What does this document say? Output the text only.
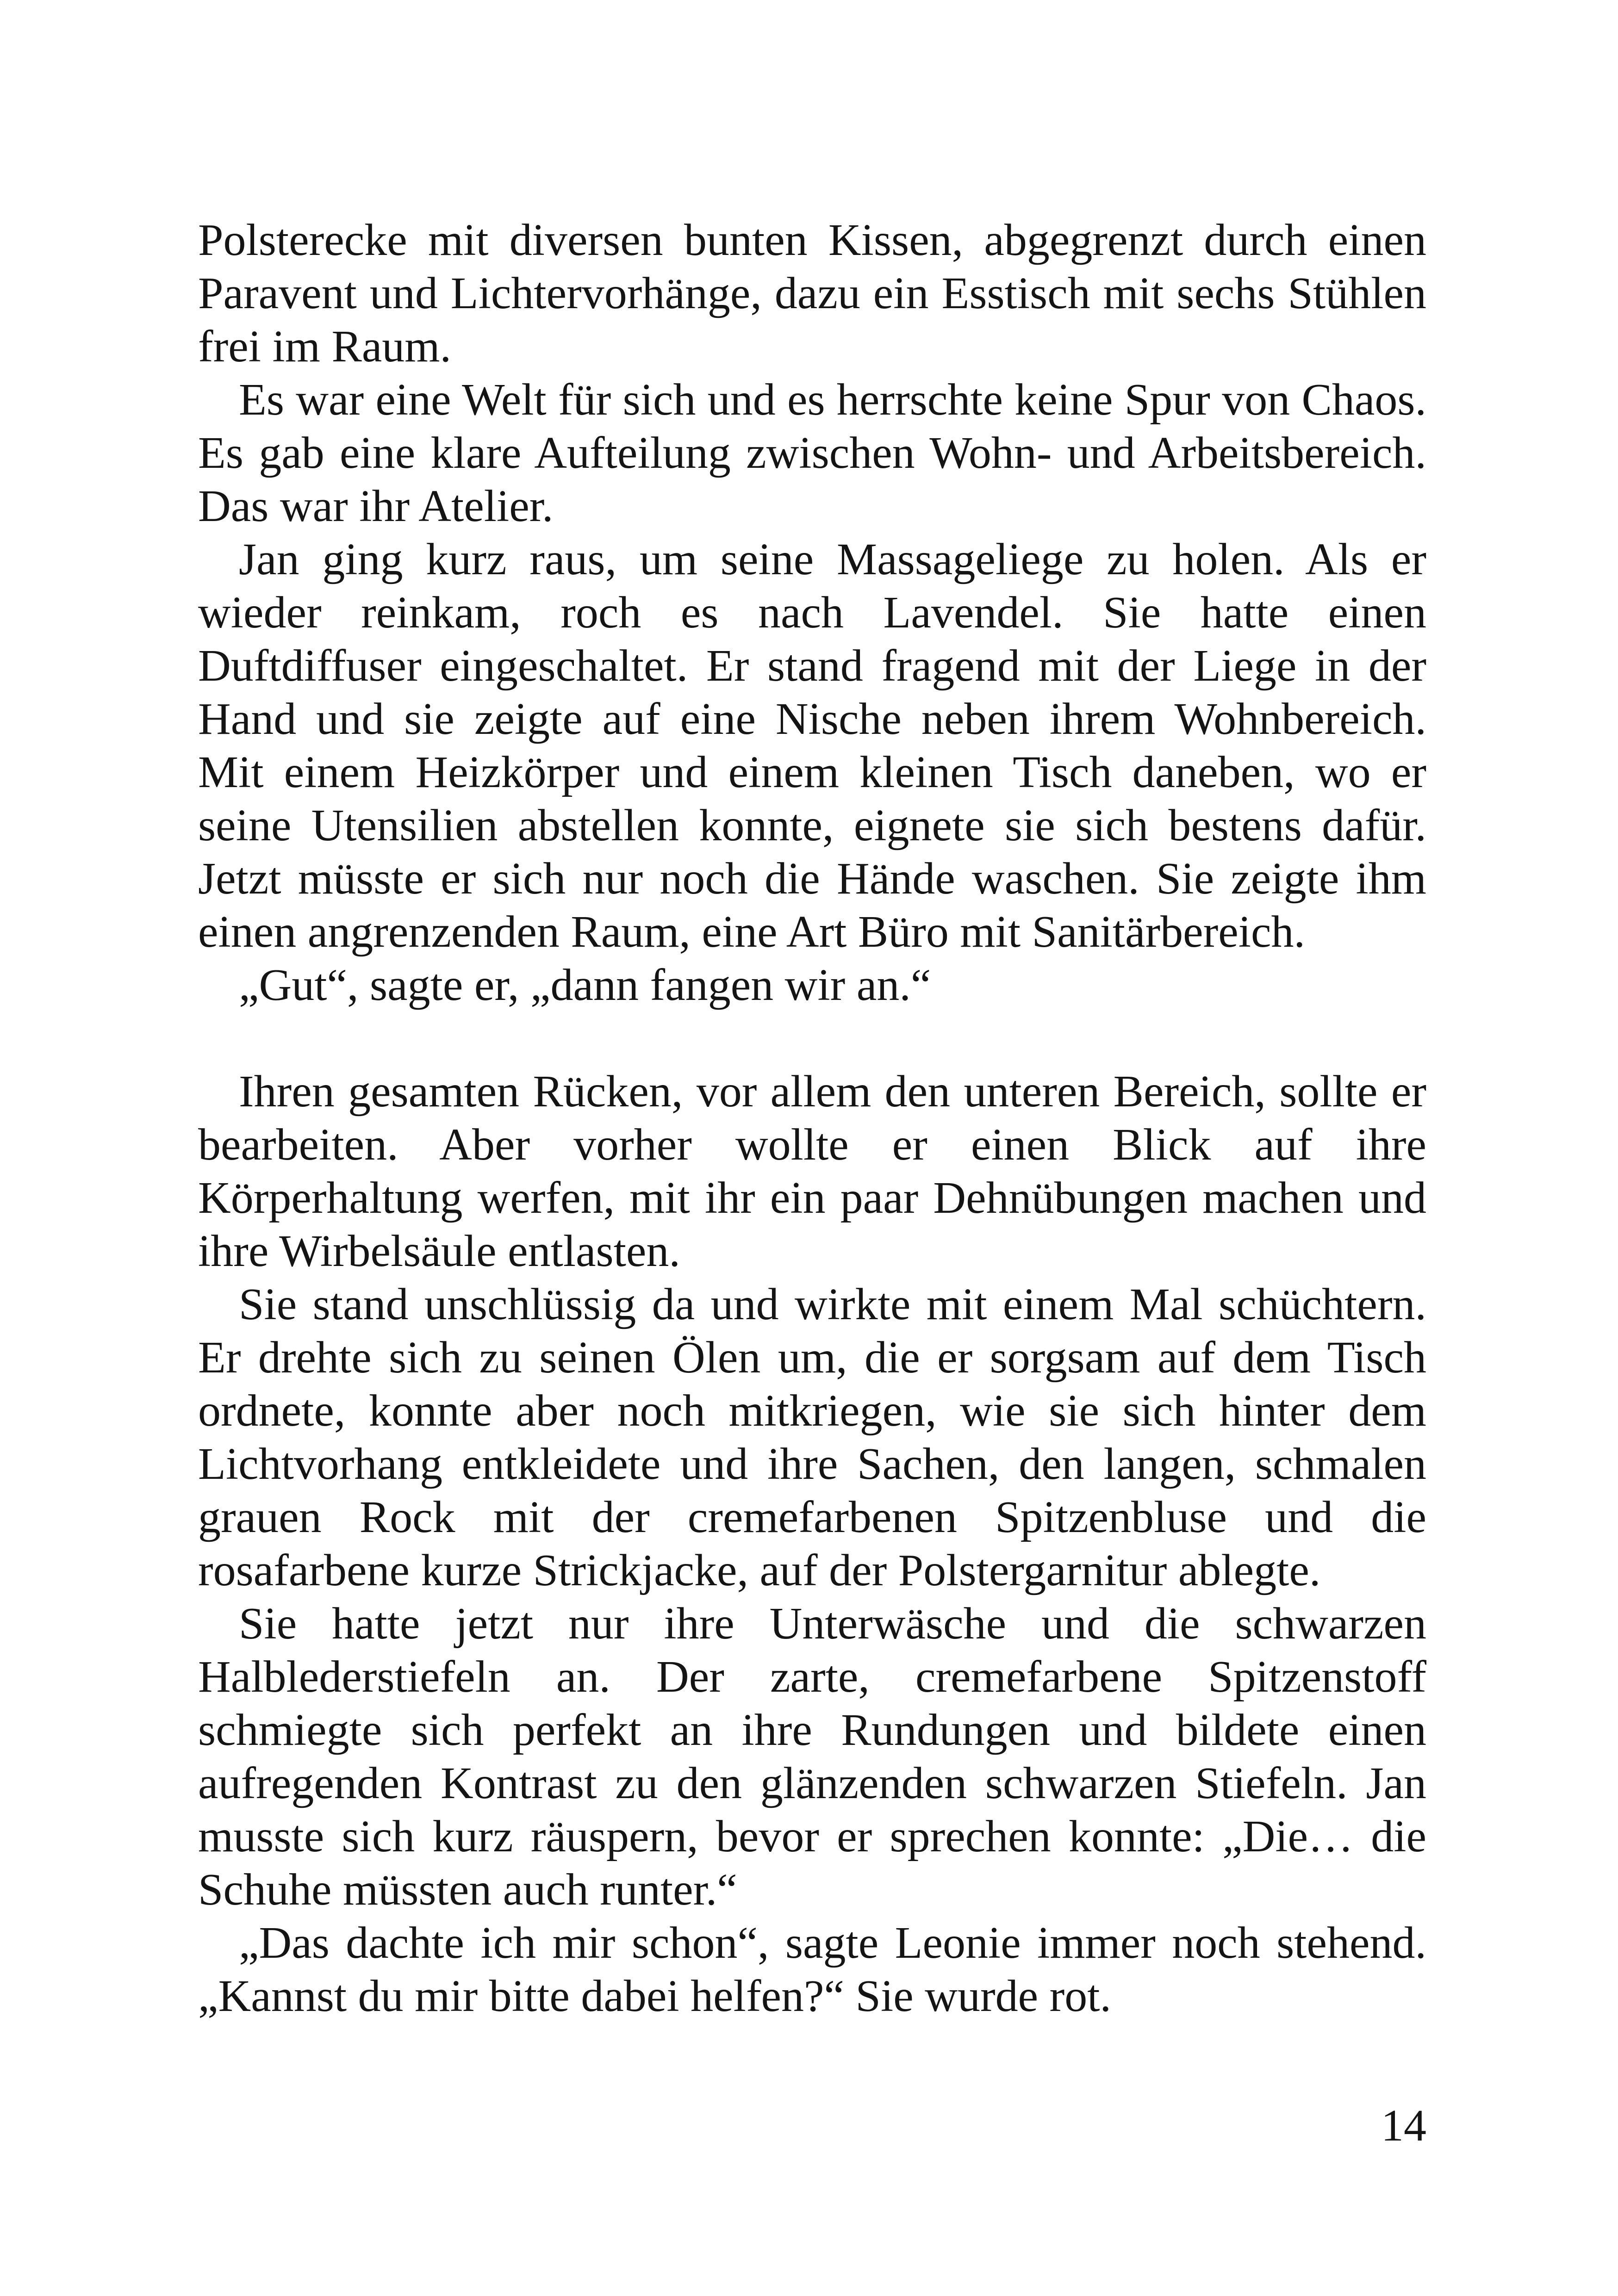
Polsterecke mit diversen bunten Kissen, abgegrenzt durch einen Paravent und Lichtervorhänge, dazu ein Esstisch mit sechs Stühlen frei im Raum.

Es war eine Welt für sich und es herrschte keine Spur von Chaos. Es gab eine klare Aufteilung zwischen Wohn- und Arbeitsbereich. Das war ihr Atelier.

Jan ging kurz raus, um seine Massageliege zu holen. Als er wieder reinkam, roch es nach Lavendel. Sie hatte einen Duftdiffuser eingeschaltet. Er stand fragend mit der Liege in der Hand und sie zeigte auf eine Nische neben ihrem Wohnbereich. Mit einem Heizkörper und einem kleinen Tisch daneben, wo er seine Utensilien abstellen konnte, eignete sie sich bestens dafür. Jetzt müsste er sich nur noch die Hände waschen. Sie zeigte ihm einen angrenzenden Raum, eine Art Büro mit Sanitärbereich.

„Gut“, sagte er, „dann fangen wir an.“

Ihren gesamten Rücken, vor allem den unteren Bereich, sollte er bearbeiten. Aber vorher wollte er einen Blick auf ihre Körperhaltung werfen, mit ihr ein paar Dehnübungen machen und ihre Wirbelsäule entlasten.

Sie stand unschlüssig da und wirkte mit einem Mal schüchtern. Er drehte sich zu seinen Ölen um, die er sorgsam auf dem Tisch ordnete, konnte aber noch mitkriegen, wie sie sich hinter dem Lichtvorhang entkleidete und ihre Sachen, den langen, schmalen grauen Rock mit der cremefarbenen Spitzenbluse und die rosafarbene kurze Strickjacke, auf der Polstergarnitur ablegte.

Sie hatte jetzt nur ihre Unterwäsche und die schwarzen Halblederstiefeln an. Der zarte, cremefarbene Spitzenstoff schmiegte sich perfekt an ihre Rundungen und bildete einen aufregenden Kontrast zu den glänzenden schwarzen Stiefeln. Jan musste sich kurz räuspern, bevor er sprechen konnte: „Die… die Schuhe müssten auch runter.“

„Das dachte ich mir schon“, sagte Leonie immer noch stehend. „Kannst du mir bitte dabei helfen?“ Sie wurde rot.

14
